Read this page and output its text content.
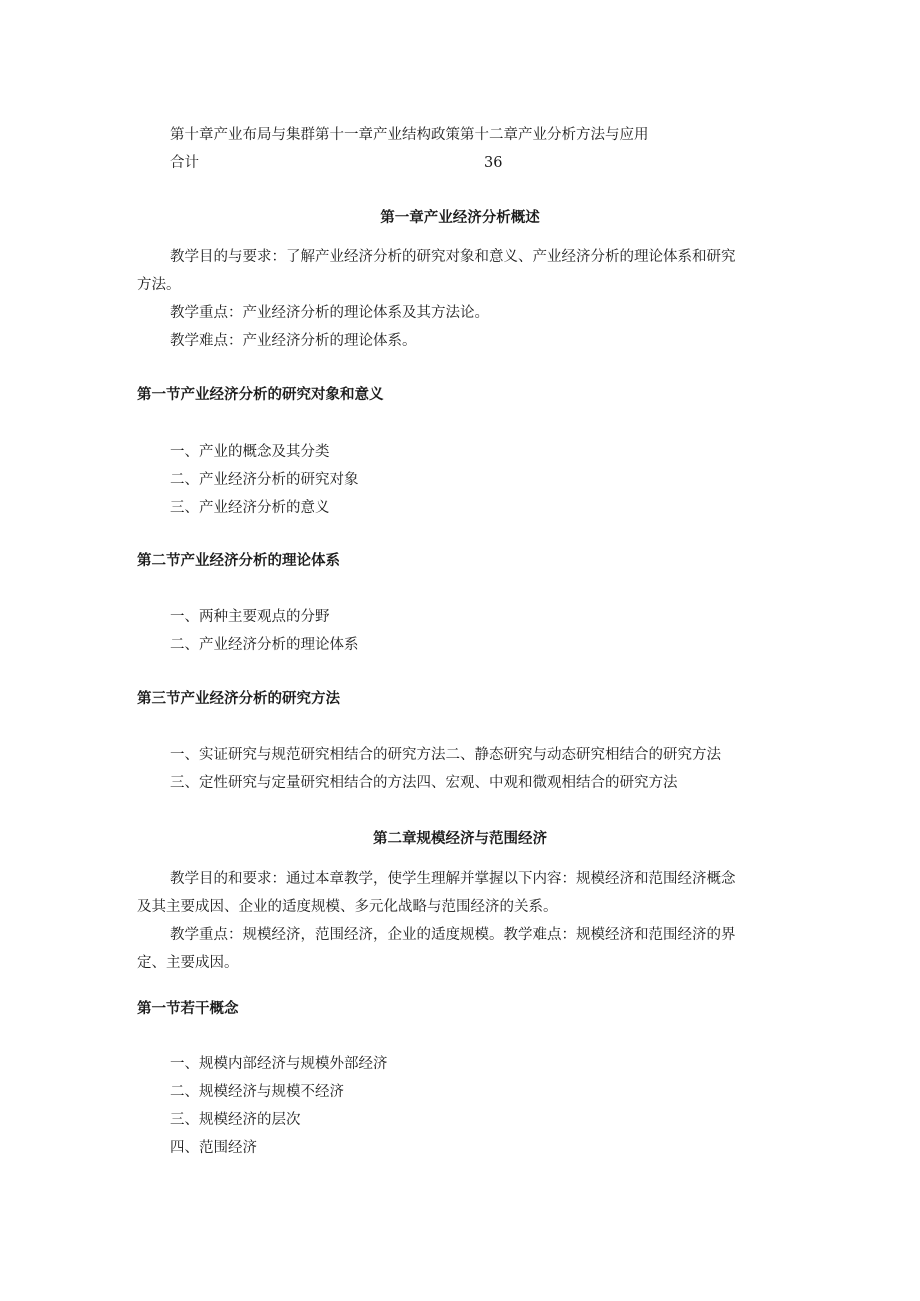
第十章产业布局与集群第十一章产业结构政策第十二章产业分析方法与应用
合计	36
第一章产业经济分析概述
教学目的与要求：了解产业经济分析的研究对象和意义、产业经济分析的理论体系和研究
方法。
教学重点：产业经济分析的理论体系及其方法论。
教学难点：产业经济分析的理论体系。
第一节产业经济分析的研究对象和意义
一、产业的概念及其分类
二、产业经济分析的研究对象
三、产业经济分析的意义
第二节产业经济分析的理论体系
一、两种主要观点的分野
二、产业经济分析的理论体系
第三节产业经济分析的研究方法
一、实证研究与规范研究相结合的研究方法二、静态研究与动态研究相结合的研究方法
三、定性研究与定量研究相结合的方法四、宏观、中观和微观相结合的研究方法
第二章规模经济与范围经济
教学目的和要求：通过本章教学，使学生理解并掌握以下内容：规模经济和范围经济概念
及其主要成因、企业的适度规模、多元化战略与范围经济的关系。
教学重点：规模经济，范围经济，企业的适度规模。教学难点：规模经济和范围经济的界
定、主要成因。
第一节若干概念
一、规模内部经济与规模外部经济
二、规模经济与规模不经济
三、规模经济的层次
四、范围经济
